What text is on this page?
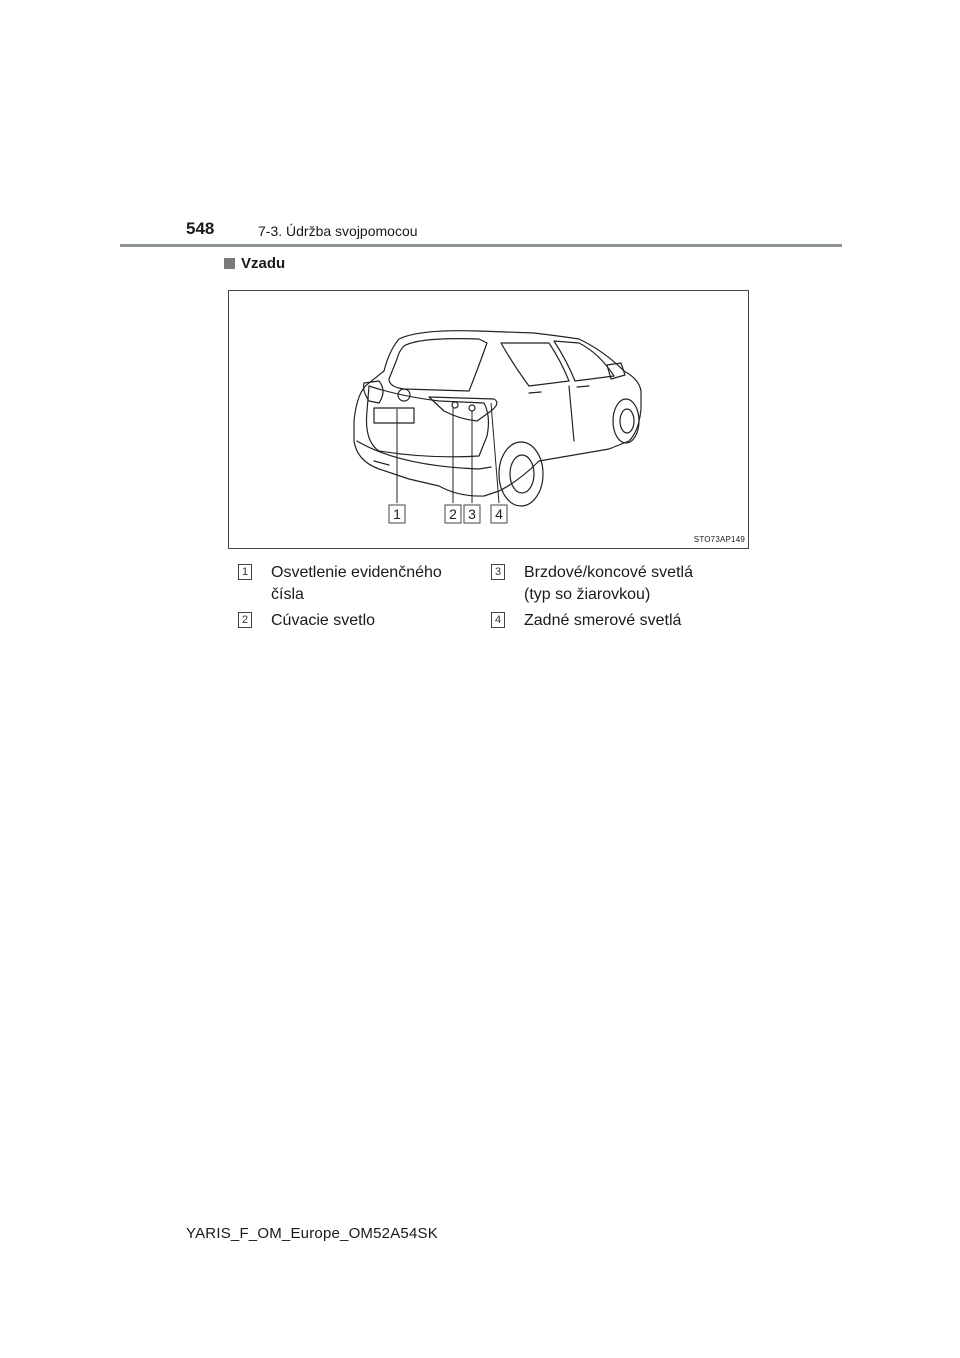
548	7-3. Údržba svojpomocou
Vzadu
1	2 3 4
STO73AP149
1 Osvetlenie evidenčného čísla
2 Cúvacie svetlo
3 Brzdové/koncové svetlá (typ so žiarovkou)
4 Zadné smerové svetlá
YARIS_F_OM_Europe_OM52A54SK
